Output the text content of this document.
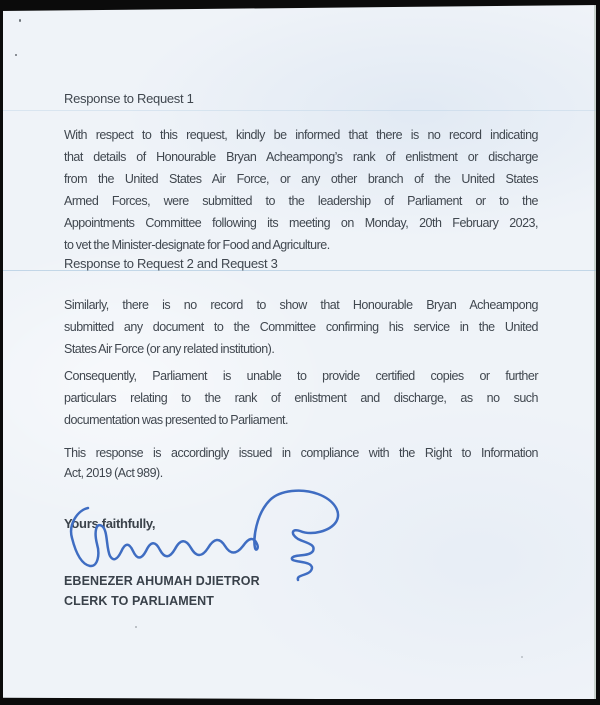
Response to Request 1
With respect to this request, kindly be informed that there is no record indicating
that details of Honourable Bryan Acheampong’s rank of enlistment or discharge
from the United States Air Force, or any other branch of the United States
Armed Forces, were submitted to the leadership of Parliament or to the
Appointments Committee following its meeting on Monday, 20th February 2023,
to vet the Minister-designate for Food and Agriculture.
Response to Request 2 and Request 3
Similarly, there is no record to show that Honourable Bryan Acheampong
submitted any document to the Committee confirming his service in the United
States Air Force (or any related institution).
Consequently, Parliament is unable to provide certified copies or further
particulars relating to the rank of enlistment and discharge, as no such
documentation was presented to Parliament.
This response is accordingly issued in compliance with the Right to Information
Act, 2019 (Act 989).
Yours faithfully,
EBENEZER AHUMAH DJIETROR
CLERK TO PARLIAMENT
